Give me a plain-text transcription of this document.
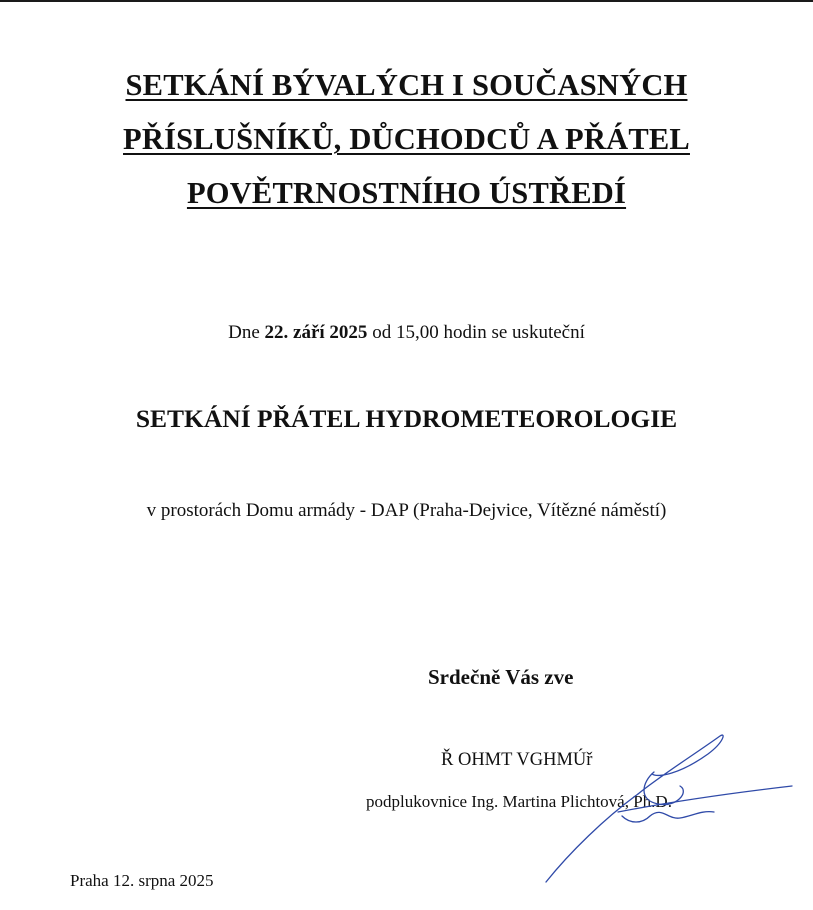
SETKÁNÍ BÝVALÝCH I SOUČASNÝCH
PŘÍSLUŠNÍKŮ, DŮCHODCŮ A PŘÁTEL
POVĚTRNOSTNÍHO ÚSTŘEDÍ
Dne 22. září 2025 od 15,00 hodin se uskuteční
SETKÁNÍ PŘÁTEL HYDROMETEOROLOGIE
v prostorách Domu armády - DAP (Praha-Dejvice, Vítězné náměstí)
Srdečně Vás zve
Ř OHMT VGHMÚř
podplukovnice Ing. Martina Plichtová, Ph.D.
Praha 12. srpna 2025
